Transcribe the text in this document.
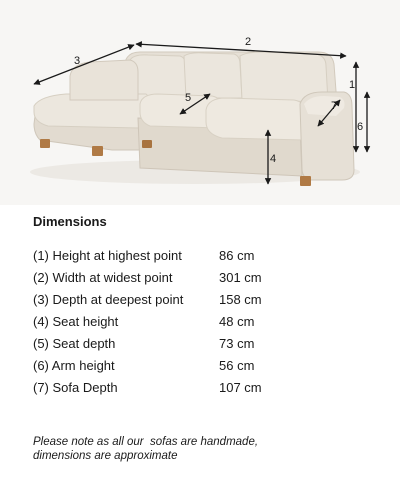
2
3
1
6
5
4
7
Dimensions
(1) Height at highest point	86 cm
(2) Width at widest point	301 cm
(3) Depth at deepest point	158 cm
(4) Seat height	48 cm
(5) Seat depth	73 cm
(6) Arm height	56 cm
(7) Sofa Depth	107 cm

Please note as all our  sofas are handmade,
dimensions are approximate
